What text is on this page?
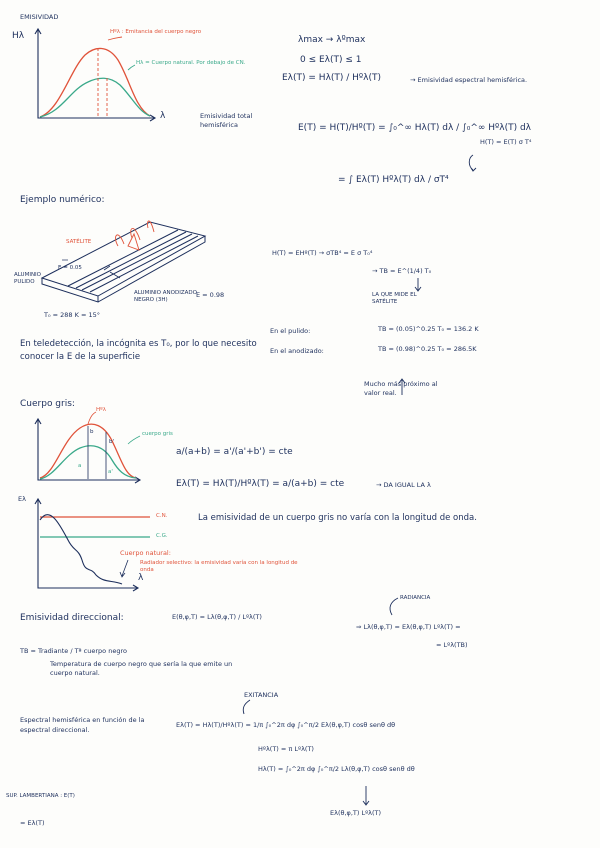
EMISIVIDAD
Hλ
λ
Hºλ : Emitancia del cuerpo negro
Hλ = Cuerpo natural. Por debajo de CN.
λmax → λºmax
0 ≤ Ελ(T) ≤ 1
Ελ(T) = Hλ(T) / Hºλ(T)	→ Emisividad espectral hemisférica.
Emisividad total hemisférica	Ε(T) = H(T)/Hº(T) = ∫₀^∞ Hλ(T) dλ / ∫₀^∞ Hºλ(T) dλ
H(T) = Ε(T) σ T⁴
= ∫ Ελ(T) Hºλ(T) dλ / σT⁴
Ejemplo numérico:
SATÉLITE
ALUMINIO PULIDO
Ε = 0.05
ALUMINIO ANODIZADO NEGRO (3H)
Ε = 0.98
T₀ = 288 K = 15°
H(T) = ΕHº(T) → σTB⁴ = Ε σ T₀⁴
→ TB = Ε^(1/4) T₀
LA QUE MIDE EL SATÉLITE
En el pulido:	TB = (0.05)^0.25 T₀ = 136.2 K
En el anodizado:	TB = (0.98)^0.25 T₀ = 286.5K
Mucho más próximo al valor real.
En teledetección, la incógnita es T₀, por lo que necesito conocer la Ε de la superficie
Cuerpo gris:
Hºλ
cuerpo gris
b
b'
a
a'
a/(a+b) = a'/(a'+b') = cte
Ελ(T) = Hλ(T)/Hºλ(T) = a/(a+b) = cte	→ DA IGUAL LA λ
Ελ
λ
C.N.
C.G.
Cuerpo natural:
Radiador selectivo: la emisividad varía con la longitud de onda
La emisividad de un cuerpo gris no varía con la longitud de onda.
Emisividad direccional:	Ε(θ,φ,T) = Lλ(θ,φ,T) / Lºλ(T)
RADIANCIA
⇒ Lλ(θ,φ,T) = Ελ(θ,φ,T) Lºλ(T) =
= Lºλ(TB)
TB = Tradiante / Tª cuerpo negro
Temperatura de cuerpo negro que sería la que emite un cuerpo natural.
EXITANCIA
Espectral hemisférica en función de la espectral direccional.
Ελ(T) = Hλ(T)/Hºλ(T) = 1/π ∫₀^2π dφ ∫₀^π/2 Ελ(θ,φ,T) cosθ senθ dθ
Hºλ(T) = π Lºλ(T)
Hλ(T) = ∫₀^2π dφ ∫₀^π/2 Lλ(θ,φ,T) cosθ senθ dθ
Ελ(θ,φ,T) Lºλ(T)
SUP. LAMBERTIANA : Ε(T)
= Ελ(T)
